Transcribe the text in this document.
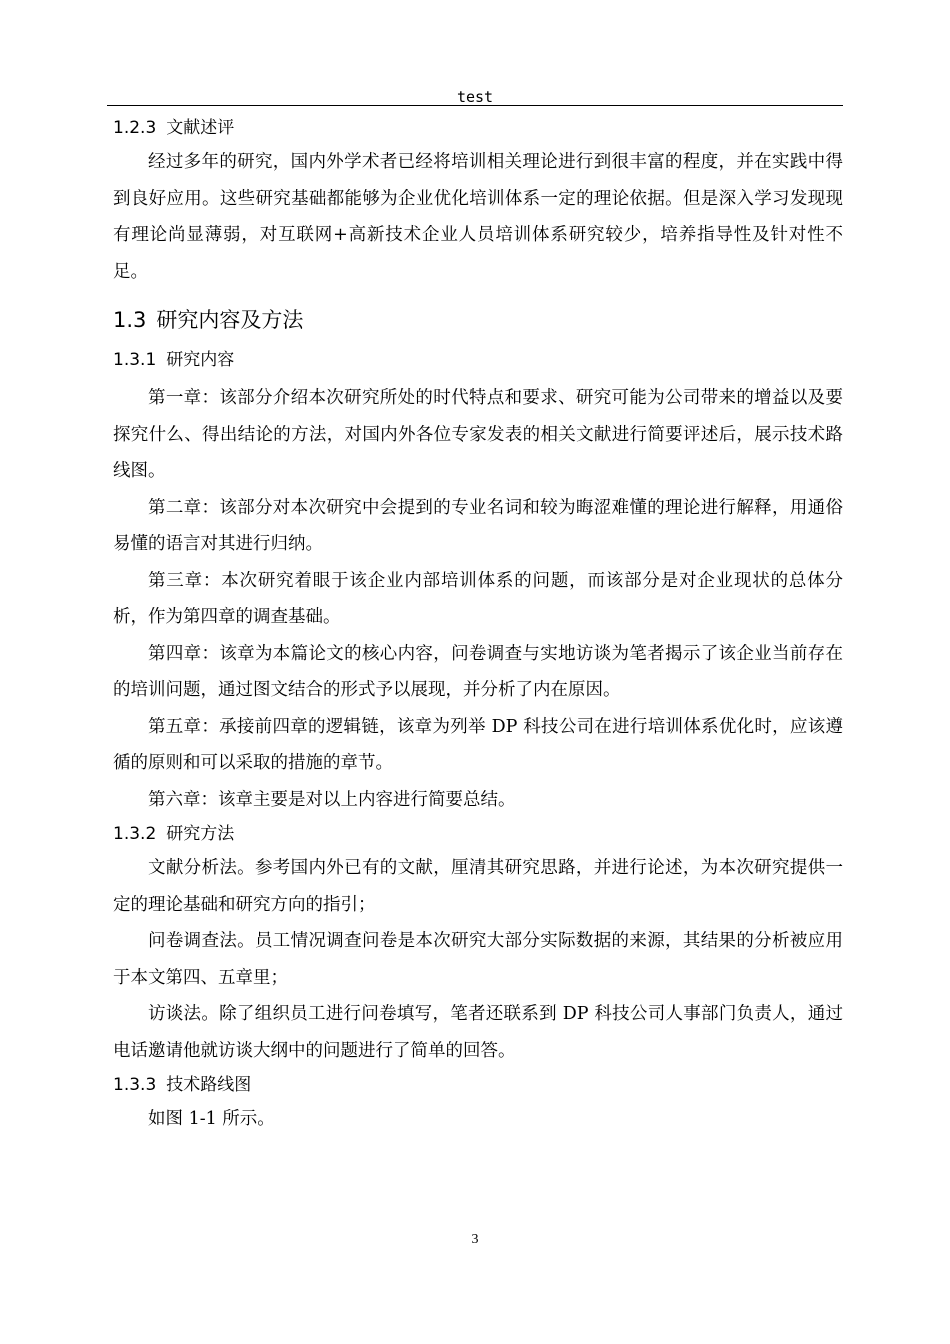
test
1.2.3 文献述评

经过多年的研究，国内外学术者已经将培训相关理论进行到很丰富的程度，并在实践中得到良好应用。这些研究基础都能够为企业优化培训体系一定的理论依据。但是深入学习发现现有理论尚显薄弱，对互联网+高新技术企业人员培训体系研究较少，培养指导性及针对性不足。

1.3 研究内容及方法
1.3.1 研究内容

第一章：该部分介绍本次研究所处的时代特点和要求、研究可能为公司带来的增益以及要探究什么、得出结论的方法，对国内外各位专家发表的相关文献进行简要评述后，展示技术路线图。

第二章：该部分对本次研究中会提到的专业名词和较为晦涩难懂的理论进行解释，用通俗易懂的语言对其进行归纳。

第三章：本次研究着眼于该企业内部培训体系的问题，而该部分是对企业现状的总体分析，作为第四章的调查基础。

第四章：该章为本篇论文的核心内容，问卷调查与实地访谈为笔者揭示了该企业当前存在的培训问题，通过图文结合的形式予以展现，并分析了内在原因。

第五章：承接前四章的逻辑链，该章为列举 DP 科技公司在进行培训体系优化时，应该遵循的原则和可以采取的措施的章节。

第六章：该章主要是对以上内容进行简要总结。

1.3.2 研究方法

文献分析法。参考国内外已有的文献，厘清其研究思路，并进行论述，为本次研究提供一定的理论基础和研究方向的指引；

问卷调查法。员工情况调查问卷是本次研究大部分实际数据的来源，其结果的分析被应用于本文第四、五章里；

访谈法。除了组织员工进行问卷填写，笔者还联系到 DP 科技公司人事部门负责人，通过电话邀请他就访谈大纲中的问题进行了简单的回答。

1.3.3 技术路线图

如图 1-1 所示。

3
